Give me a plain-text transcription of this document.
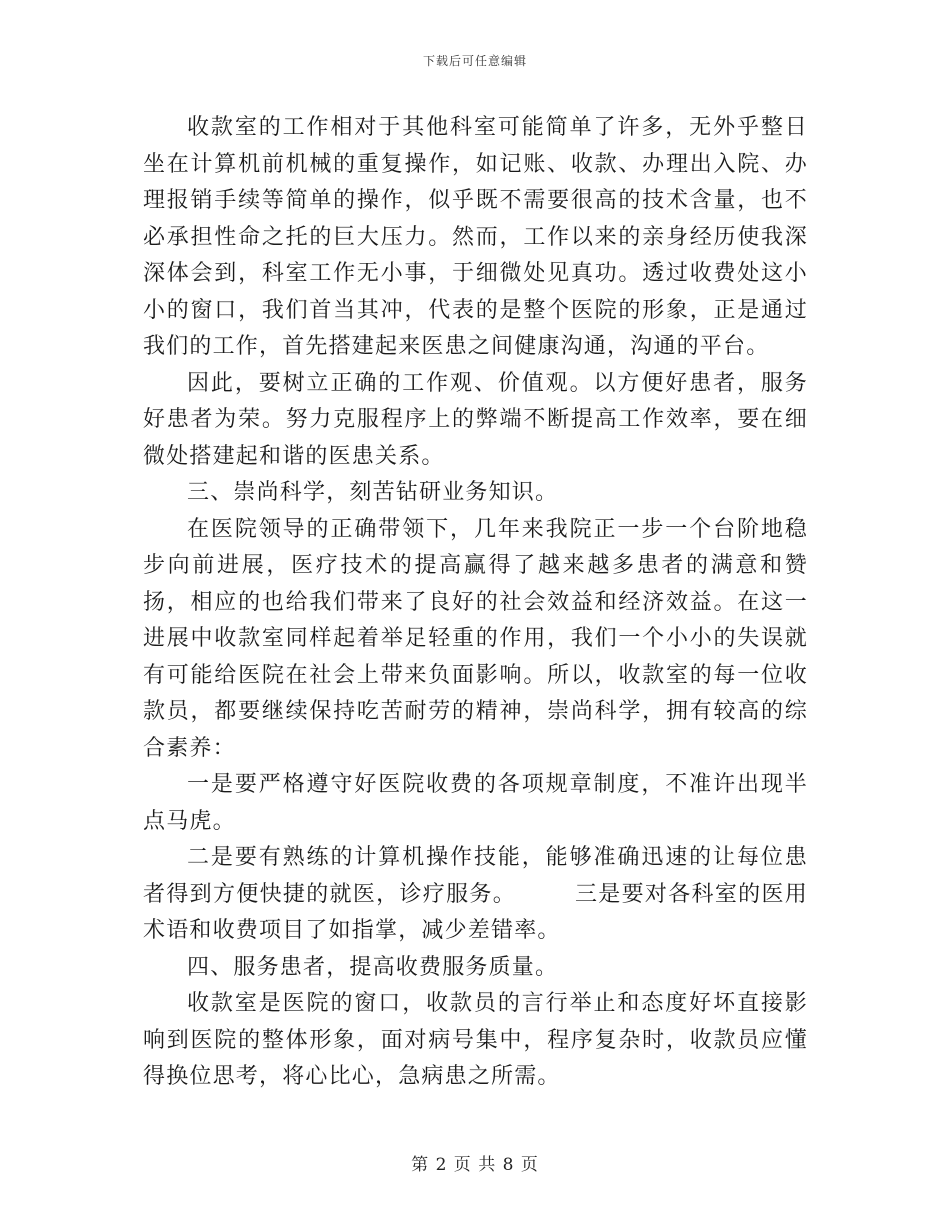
下载后可任意编辑

收款室的工作相对于其他科室可能简单了许多，无外乎整日坐在计算机前机械的重复操作，如记账、收款、办理出入院、办理报销手续等简单的操作，似乎既不需要很高的技术含量，也不必承担性命之托的巨大压力。然而，工作以来的亲身经历使我深深体会到，科室工作无小事，于细微处见真功。透过收费处这小小的窗口，我们首当其冲，代表的是整个医院的形象，正是通过我们的工作，首先搭建起来医患之间健康沟通，沟通的平台。

因此，要树立正确的工作观、价值观。以方便好患者，服务好患者为荣。努力克服程序上的弊端不断提高工作效率，要在细微处搭建起和谐的医患关系。

三、崇尚科学，刻苦钻研业务知识。

在医院领导的正确带领下，几年来我院正一步一个台阶地稳步向前进展，医疗技术的提高赢得了越来越多患者的满意和赞扬，相应的也给我们带来了良好的社会效益和经济效益。在这一进展中收款室同样起着举足轻重的作用，我们一个小小的失误就有可能给医院在社会上带来负面影响。所以，收款室的每一位收款员，都要继续保持吃苦耐劳的精神，崇尚科学，拥有较高的综合素养：

一是要严格遵守好医院收费的各项规章制度，不准许出现半点马虎。

二是要有熟练的计算机操作技能，能够准确迅速的让每位患者得到方便快捷的就医，诊疗服务。　　　三是要对各科室的医用术语和收费项目了如指掌，减少差错率。

四、服务患者，提高收费服务质量。

收款室是医院的窗口，收款员的言行举止和态度好坏直接影响到医院的整体形象，面对病号集中，程序复杂时，收款员应懂得换位思考，将心比心，急病患之所需。

第 2 页 共 8 页
